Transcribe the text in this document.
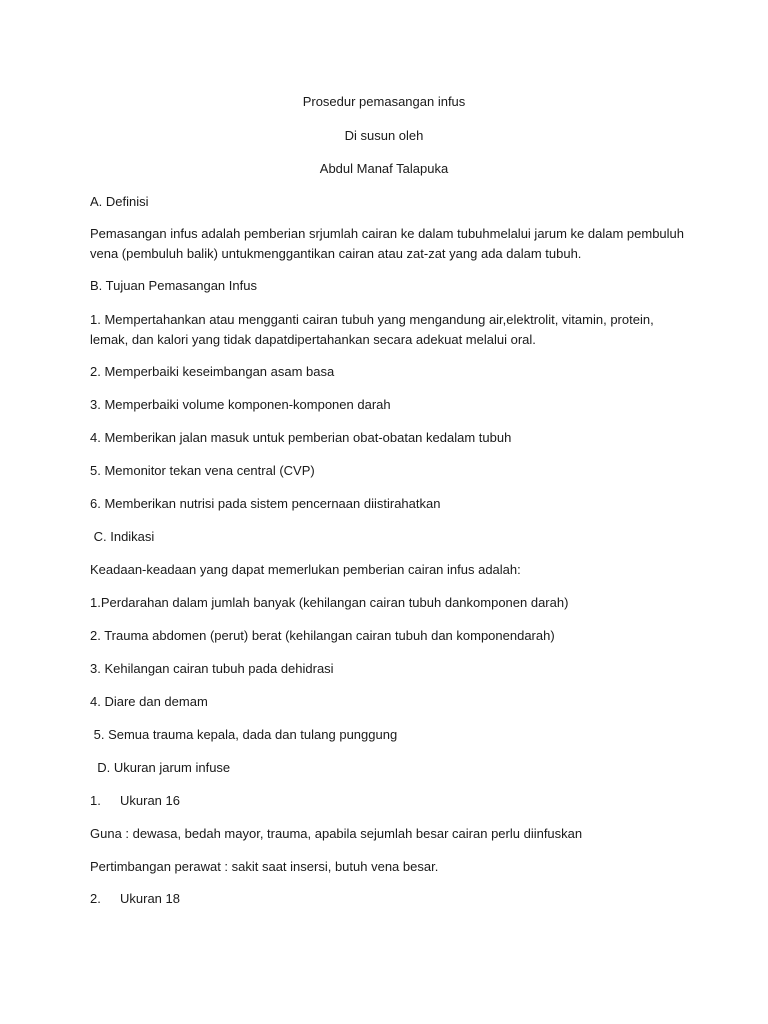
Prosedur pemasangan infus
Di susun oleh
Abdul Manaf Talapuka
A. Definisi
Pemasangan infus adalah pemberian srjumlah cairan ke dalam tubuhmelalui jarum ke dalam pembuluh vena (pembuluh balik) untukmenggantikan cairan atau zat-zat yang ada dalam tubuh.
B. Tujuan Pemasangan Infus
1. Mempertahankan atau mengganti cairan tubuh yang mengandung air,elektrolit, vitamin, protein, lemak, dan kalori yang tidak dapatdipertahankan secara adekuat melalui oral.
2. Memperbaiki keseimbangan asam basa
3. Memperbaiki volume komponen-komponen darah
4. Memberikan jalan masuk untuk pemberian obat-obatan kedalam tubuh
5. Memonitor tekan vena central (CVP)
6. Memberikan nutrisi pada sistem pencernaan diistirahatkan
C. Indikasi
Keadaan-keadaan yang dapat memerlukan pemberian cairan infus adalah:
1.Perdarahan dalam jumlah banyak (kehilangan cairan tubuh dankomponen darah)
2. Trauma abdomen (perut) berat (kehilangan cairan tubuh dan komponendarah)
3. Kehilangan cairan tubuh pada dehidrasi
4. Diare dan demam
5. Semua trauma kepala, dada dan tulang punggung
D. Ukuran jarum infuse
1. Ukuran 16
Guna : dewasa, bedah mayor, trauma, apabila sejumlah besar cairan perlu diinfuskan
Pertimbangan perawat : sakit saat insersi, butuh vena besar.
2. Ukuran 18
